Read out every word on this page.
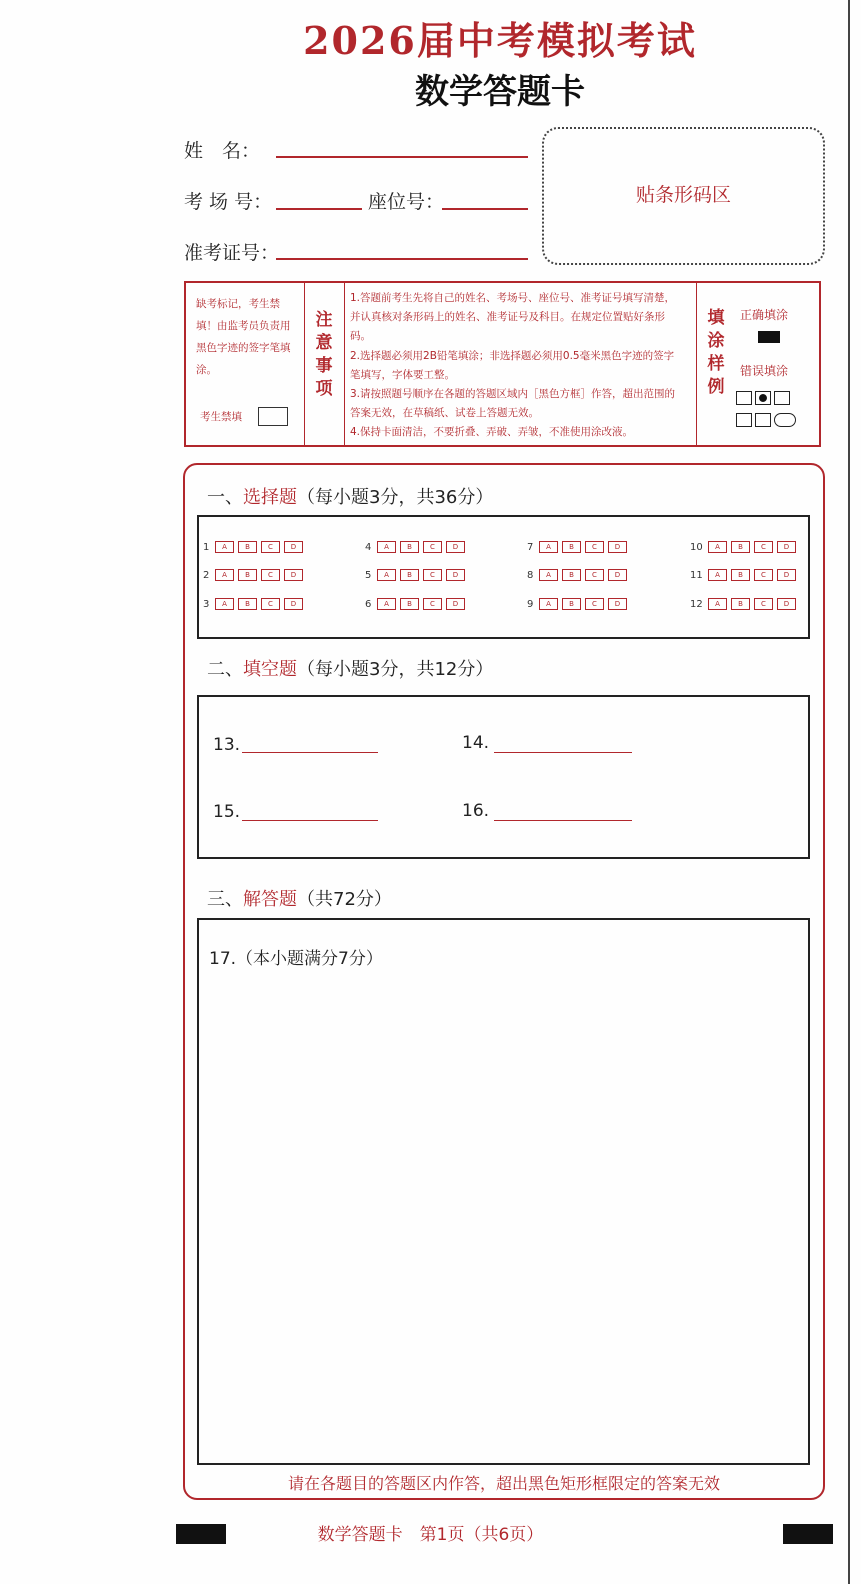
2026届中考模拟考试
数学答题卡
姓　名：
考 场 号：	座位号：
准考证号：
贴条形码区
缺考标记，考生禁填！由监考员负责用黑色字迹的签字笔填涂。
考生禁填
注意事项
1.答题前考生先将自己的姓名、考场号、座位号、准考证号填写清楚，并认真核对条形码上的姓名、准考证号及科目。在规定位置贴好条形码。
2.选择题必须用2B铅笔填涂；非选择题必须用0.5毫米黑色字迹的签字笔填写，字体要工整。
3.请按照题号顺序在各题的答题区域内［黑色方框］作答，超出范围的答案无效，在草稿纸、试卷上答题无效。
4.保持卡面清洁，不要折叠、弄破、弄皱，不准使用涂改液。
填涂样例
正确填涂
错误填涂
一、选择题（每小题3分，共36分）
1	A	B	C	D
2	A	B	C	D
3	A	B	C	D
4	A	B	C	D
5	A	B	C	D
6	A	B	C	D
7	A	B	C	D
8	A	B	C	D
9	A	B	C	D
10	A	B	C	D
11	A	B	C	D
12	A	B	C	D
二、填空题（每小题3分，共12分）
13.	14.
15.	16.
三、解答题（共72分）
17.（本小题满分7分）
请在各题目的答题区内作答，超出黑色矩形框限定的答案无效
数学答题卡　第1页（共6页）
